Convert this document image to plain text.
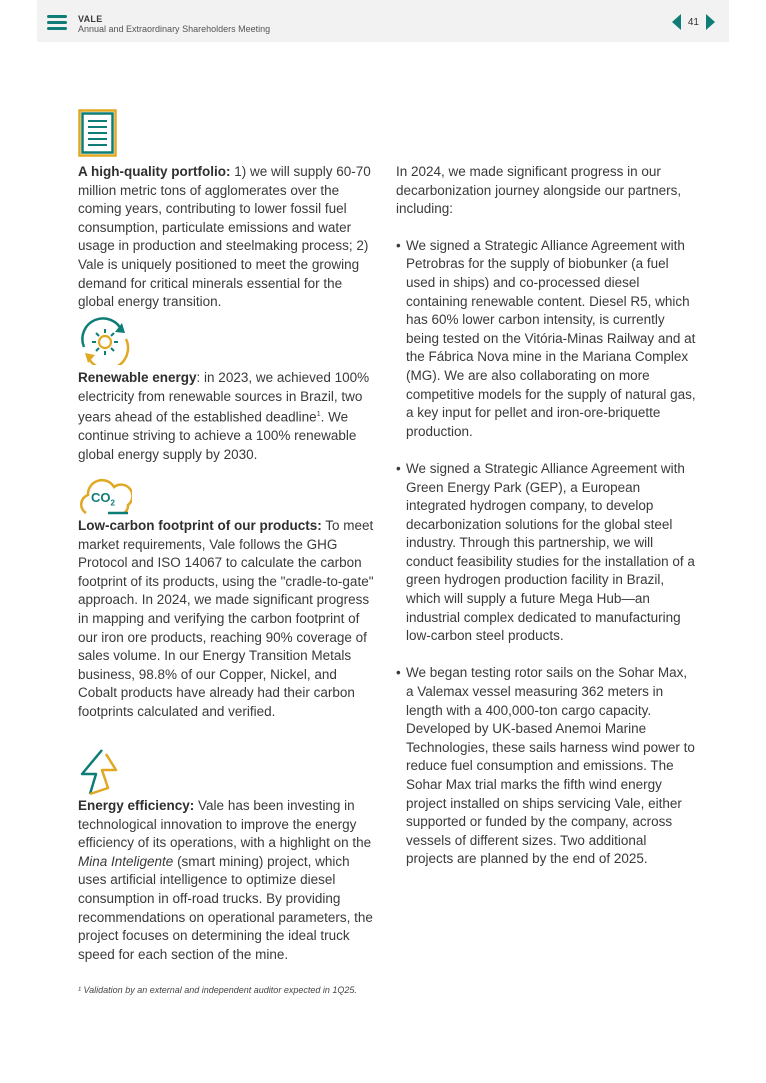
VALE
Annual and Extraordinary Shareholders Meeting
41
$CO_2$

A high-quality portfolio: 1) we will supply 60-70 million metric tons of agglomerates over the coming years, contributing to lower fossil fuel consumption, particulate emissions and water usage in production and steelmaking process; 2) Vale is uniquely positioned to meet the growing demand for critical minerals essential for the global energy transition.

Renewable energy: in 2023, we achieved 100% electricity from renewable sources in Brazil, two years ahead of the established deadline$^1$. We continue striving to achieve a 100% renewable global energy supply by 2030.

Low-carbon footprint of our products: To meet market requirements, Vale follows the GHG Protocol and ISO 14067 to calculate the carbon footprint of its products, using the "cradle-to-gate" approach. In 2024, we made significant progress in mapping and verifying the carbon footprint of our iron ore products, reaching 90% coverage of sales volume. In our Energy Transition Metals business, 98.8% of our Copper, Nickel, and Cobalt products have already had their carbon footprints calculated and verified.

Energy efficiency: Vale has been investing in technological innovation to improve the energy efficiency of its operations, with a highlight on the Mina Inteligente (smart mining) project, which uses artificial intelligence to optimize diesel consumption in off-road trucks. By providing recommendations on operational parameters, the project focuses on determining the ideal truck speed for each section of the mine.

¹ Validation by an external and independent auditor expected in 1Q25.

In 2024, we made significant progress in our decarbonization journey alongside our partners, including:

• We signed a Strategic Alliance Agreement with Petrobras for the supply of biobunker (a fuel used in ships) and co-processed diesel containing renewable content. Diesel R5, which has 60% lower carbon intensity, is currently being tested on the Vitória-Minas Railway and at the Fábrica Nova mine in the Mariana Complex (MG). We are also collaborating on more competitive models for the supply of natural gas, a key input for pellet and iron-ore-briquette production.
• We signed a Strategic Alliance Agreement with Green Energy Park (GEP), a European integrated hydrogen company, to develop decarbonization solutions for the global steel industry. Through this partnership, we will conduct feasibility studies for the installation of a green hydrogen production facility in Brazil, which will supply a future Mega Hub—an industrial complex dedicated to manufacturing low-carbon steel products.
• We began testing rotor sails on the Sohar Max, a Valemax vessel measuring 362 meters in length with a 400,000-ton cargo capacity. Developed by UK-based Anemoi Marine Technologies, these sails harness wind power to reduce fuel consumption and emissions. The Sohar Max trial marks the fifth wind energy project installed on ships servicing Vale, either supported or funded by the company, across vessels of different sizes. Two additional projects are planned by the end of 2025.
